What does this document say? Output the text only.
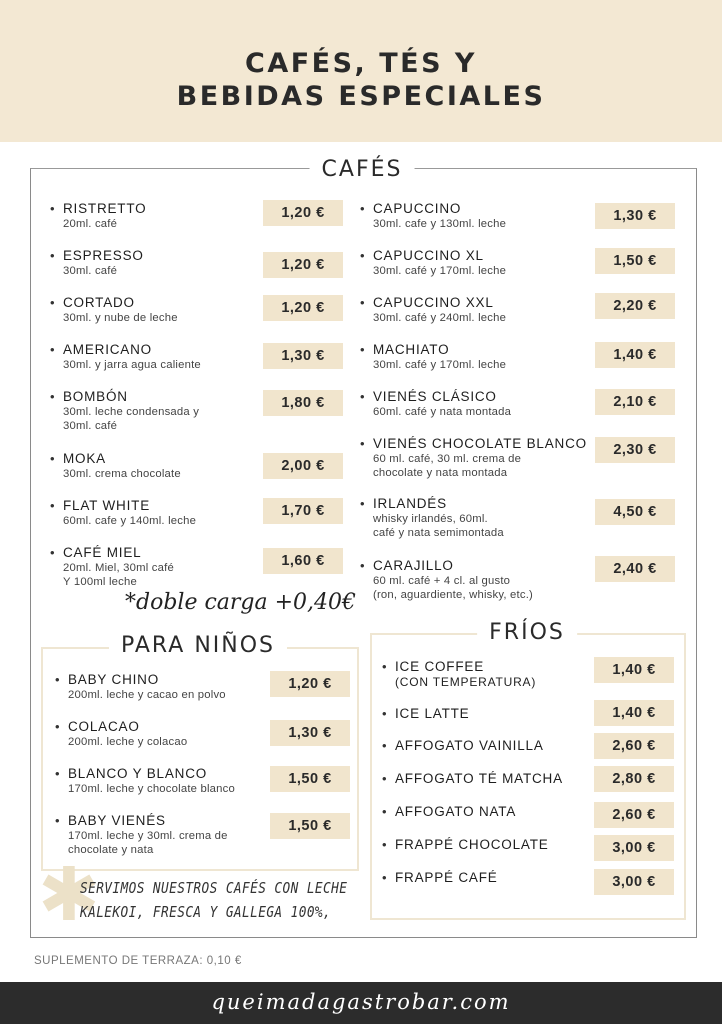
CAFÉS, TÉS Y
BEBIDAS ESPECIALES
CAFÉS
PARA NIÑOS
FRÍOS
• RISTRETTO
20ml. café
1,20 €
• ESPRESSO
30ml. café	1,20 €
• CORTADO
30ml. y nube de leche
1,20 €
• AMERICANO
30ml. y jarra agua caliente
1,30 €
• BOMBÓN
30ml. leche condensada y
30ml. café
1,80 €
• MOKA
30ml. crema chocolate	2,00 €
• FLAT WHITE
60ml. cafe y 140ml. leche
1,70 €
• CAFÉ MIEL
20ml. Miel, 30ml café
Y 100ml leche
1,60 €
• CAPUCCINO
30ml. cafe y 130ml. leche	1,30 €
• CAPUCCINO XL
30ml. café y 170ml. leche
1,50 €
• CAPUCCINO XXL
30ml. café y 240ml. leche
2,20 €
• MACHIATO
30ml. café y 170ml. leche
1,40 €
• VIENÉS CLÁSICO
60ml. café y nata montada
2,10 €
• VIENÉS CHOCOLATE BLANCO
60 ml. café, 30 ml. crema de
chocolate y nata montada
2,30 €
• IRLANDÉS
whisky irlandés, 60ml.
café y nata semimontada
4,50 €
• CARAJILLO
60 ml. café + 4 cl. al gusto
(ron, aguardiente, whisky, etc.)
2,40 €
• BABY CHINO
200ml. leche y cacao en polvo
1,20 €
• COLACAO
200ml. leche y colacao
1,30 €
• BLANCO Y BLANCO
170ml. leche y chocolate blanco
1,50 €
• BABY VIENÉS
170ml. leche y 30ml. crema de
chocolate y nata
1,50 €
• ICE COFFEE
(CON TEMPERATURA)
1,40 €
• ICE LATTE	1,40 €
• AFFOGATO VAINILLA	2,60 €
• AFFOGATO TÉ MATCHA	2,80 €
• AFFOGATO NATA	2,60 €
• FRAPPÉ CHOCOLATE	3,00 €
• FRAPPÉ CAFÉ	3,00 €
*doble carga +0,40€
✱
SERVIMOS NUESTROS CAFÉS CON LECHE
KALEKOI, FRESCA Y GALLEGA 100%,
SUPLEMENTO DE TERRAZA: 0,10 €
queimadagastrobar.com
